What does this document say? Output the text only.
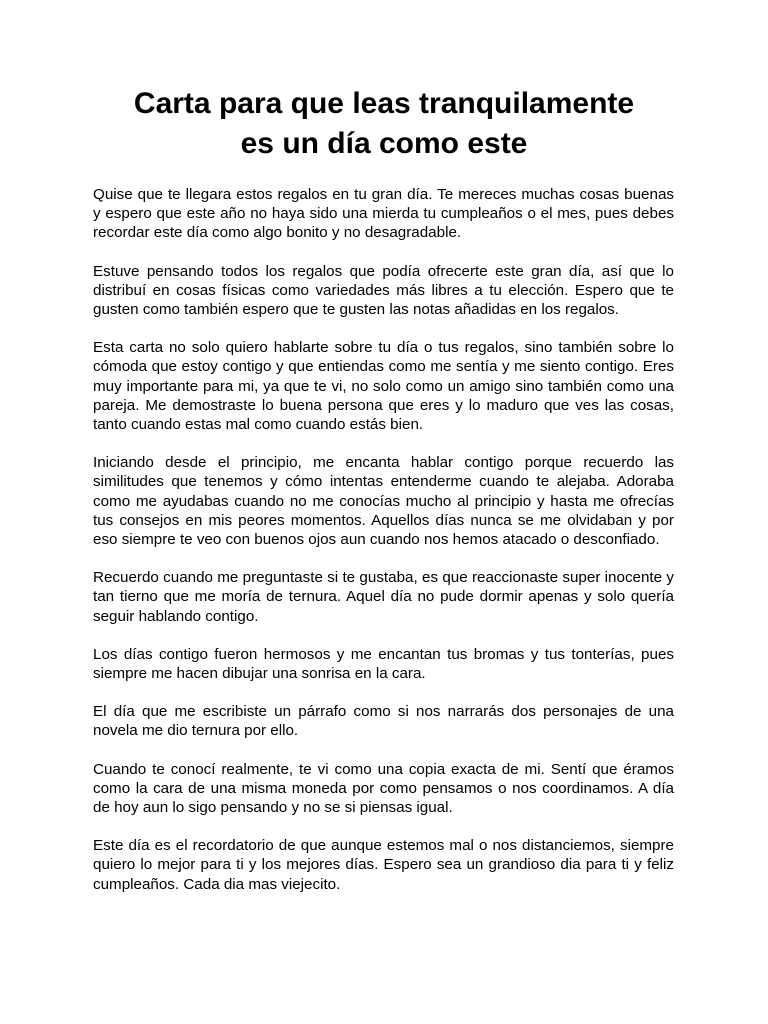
Carta para que leas tranquilamente
es un día como este

Quise que te llegara estos regalos en tu gran día. Te mereces muchas cosas buenas y espero que este año no haya sido una mierda tu cumpleaños o el mes, pues debes recordar este día como algo bonito y no desagradable.

Estuve pensando todos los regalos que podía ofrecerte este gran día, así que lo distribuí en cosas físicas como variedades más libres a tu elección. Espero que te gusten como también espero que te gusten las notas añadidas en los regalos.

Esta carta no solo quiero hablarte sobre tu día o tus regalos, sino también sobre lo cómoda que estoy contigo y que entiendas como me sentía y me siento contigo. Eres muy importante para mi, ya que te vi, no solo como un amigo sino también como una pareja. Me demostraste lo buena persona que eres y lo maduro que ves las cosas, tanto cuando estas mal como cuando estás bien.

Iniciando desde el principio, me encanta hablar contigo porque recuerdo las similitudes que tenemos y cómo intentas entenderme cuando te alejaba. Adoraba como me ayudabas cuando no me conocías mucho al principio y hasta me ofrecías tus consejos en mis peores momentos. Aquellos días nunca se me olvidaban y por eso siempre te veo con buenos ojos aun cuando nos hemos atacado o desconfiado.

Recuerdo cuando me preguntaste si te gustaba, es que reaccionaste super inocente y tan tierno que me moría de ternura. Aquel día no pude dormir apenas y solo quería seguir hablando contigo.

Los días contigo fueron hermosos y me encantan tus bromas y tus tonterías, pues siempre me hacen dibujar una sonrisa en la cara.

El día que me escribiste un párrafo como si nos narrarás dos personajes de una novela me dio ternura por ello.

Cuando te conocí realmente, te vi como una copia exacta de mi. Sentí que éramos como la cara de una misma moneda por como pensamos o nos coordinamos. A día de hoy aun lo sigo pensando y no se si piensas igual.

Este día es el recordatorio de que aunque estemos mal o nos distanciemos, siempre quiero lo mejor para ti y los mejores días. Espero sea un grandioso dia para ti y feliz cumpleaños. Cada dia mas viejecito.
